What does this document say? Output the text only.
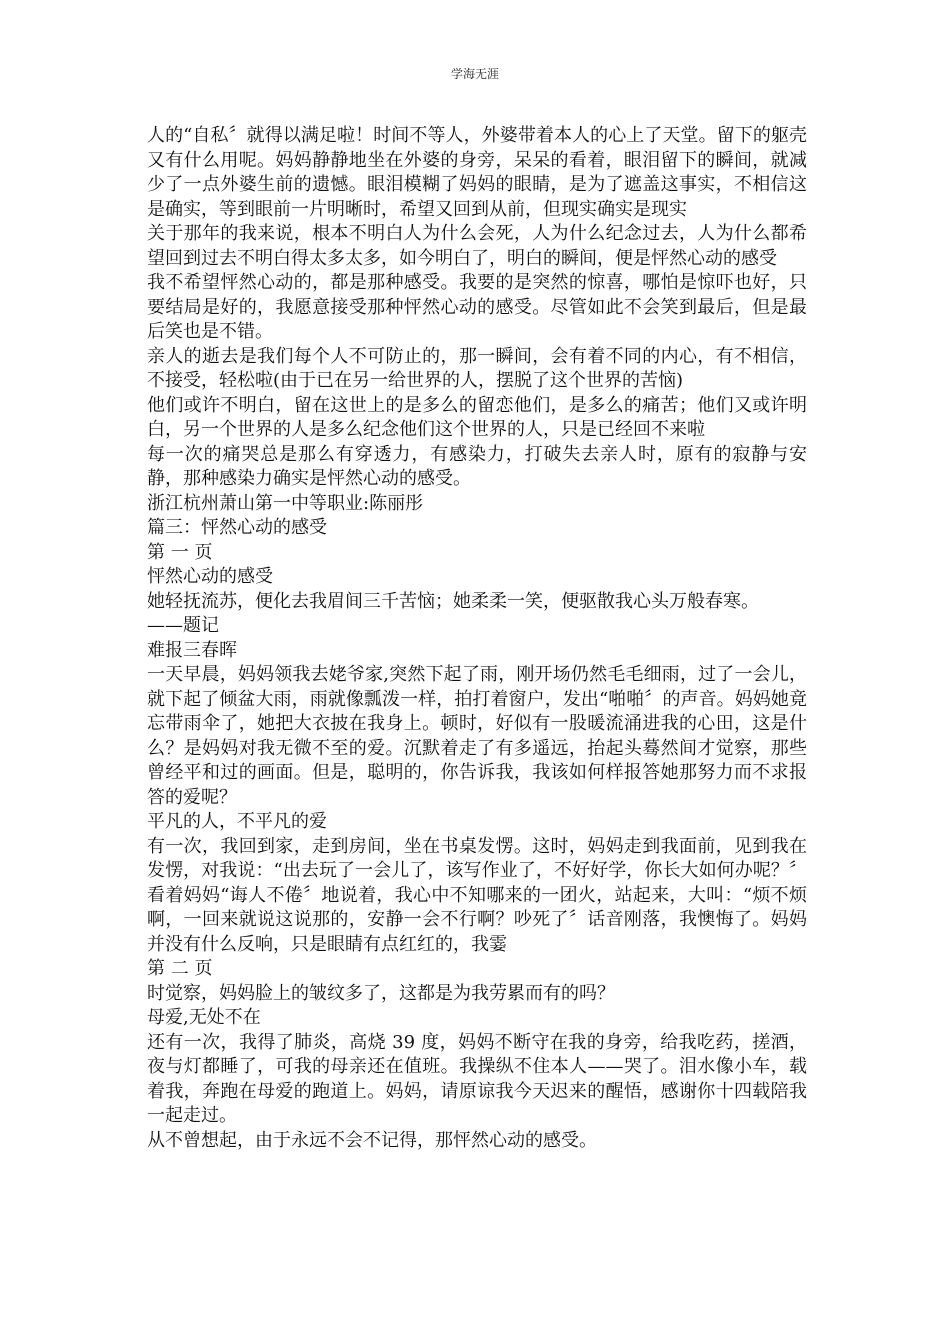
学海无涯

人的“自私〞就得以满足啦！时间不等人，外婆带着本人的心上了天堂。留下的躯壳又有什么用呢。妈妈静静地坐在外婆的身旁，呆呆的看着，眼泪留下的瞬间，就减少了一点外婆生前的遗憾。眼泪模糊了妈妈的眼睛，是为了遮盖这事实，不相信这是确实，等到眼前一片明晰时，希望又回到从前，但现实确实是现实

关于那年的我来说，根本不明白人为什么会死，人为什么纪念过去，人为什么都希望回到过去不明白得太多太多，如今明白了，明白的瞬间，便是怦然心动的感受

我不希望怦然心动的，都是那种感受。我要的是突然的惊喜，哪怕是惊吓也好，只要结局是好的，我愿意接受那种怦然心动的感受。尽管如此不会笑到最后，但是最后笑也是不错。

亲人的逝去是我们每个人不可防止的，那一瞬间，会有着不同的内心，有不相信，不接受，轻松啦(由于已在另一给世界的人，摆脱了这个世界的苦恼)

他们或许不明白，留在这世上的是多么的留恋他们，是多么的痛苦；他们又或许明白，另一个世界的人是多么纪念他们这个世界的人，只是已经回不来啦

每一次的痛哭总是那么有穿透力，有感染力，打破失去亲人时，原有的寂静与安静，那种感染力确实是怦然心动的感受。

浙江杭州萧山第一中等职业:陈丽彤

篇三：怦然心动的感受

第 一 页

怦然心动的感受

她轻抚流苏，便化去我眉间三千苦恼；她柔柔一笑，便驱散我心头万般春寒。

——题记

难报三春晖

一天早晨，妈妈领我去姥爷家,突然下起了雨，刚开场仍然毛毛细雨，过了一会儿，就下起了倾盆大雨，雨就像瓢泼一样，拍打着窗户，发出“啪啪〞的声音。妈妈她竟忘带雨伞了，她把大衣披在我身上。顿时，好似有一股暖流涌进我的心田，这是什么？是妈妈对我无微不至的爱。沉默着走了有多遥远，抬起头蓦然间才觉察，那些曾经平和过的画面。但是，聪明的，你告诉我，我该如何样报答她那努力而不求报答的爱呢？

平凡的人，不平凡的爱

有一次，我回到家，走到房间，坐在书桌发愣。这时，妈妈走到我面前，见到我在发愣，对我说：“出去玩了一会儿了，该写作业了，不好好学，你长大如何办呢？〞看着妈妈“诲人不倦〞地说着，我心中不知哪来的一团火，站起来，大叫：“烦不烦啊，一回来就说这说那的，安静一会不行啊？吵死了〞话音刚落，我懊悔了。妈妈并没有什么反响，只是眼睛有点红红的，我霎

第 二 页

时觉察，妈妈脸上的皱纹多了，这都是为我劳累而有的吗？

母爱,无处不在

还有一次，我得了肺炎，高烧 39 度，妈妈不断守在我的身旁，给我吃药，搓酒，夜与灯都睡了，可我的母亲还在值班。我操纵不住本人——哭了。泪水像小车，载着我，奔跑在母爱的跑道上。妈妈，请原谅我今天迟来的醒悟，感谢你十四载陪我一起走过。

从不曾想起，由于永远不会不记得，那怦然心动的感受。
